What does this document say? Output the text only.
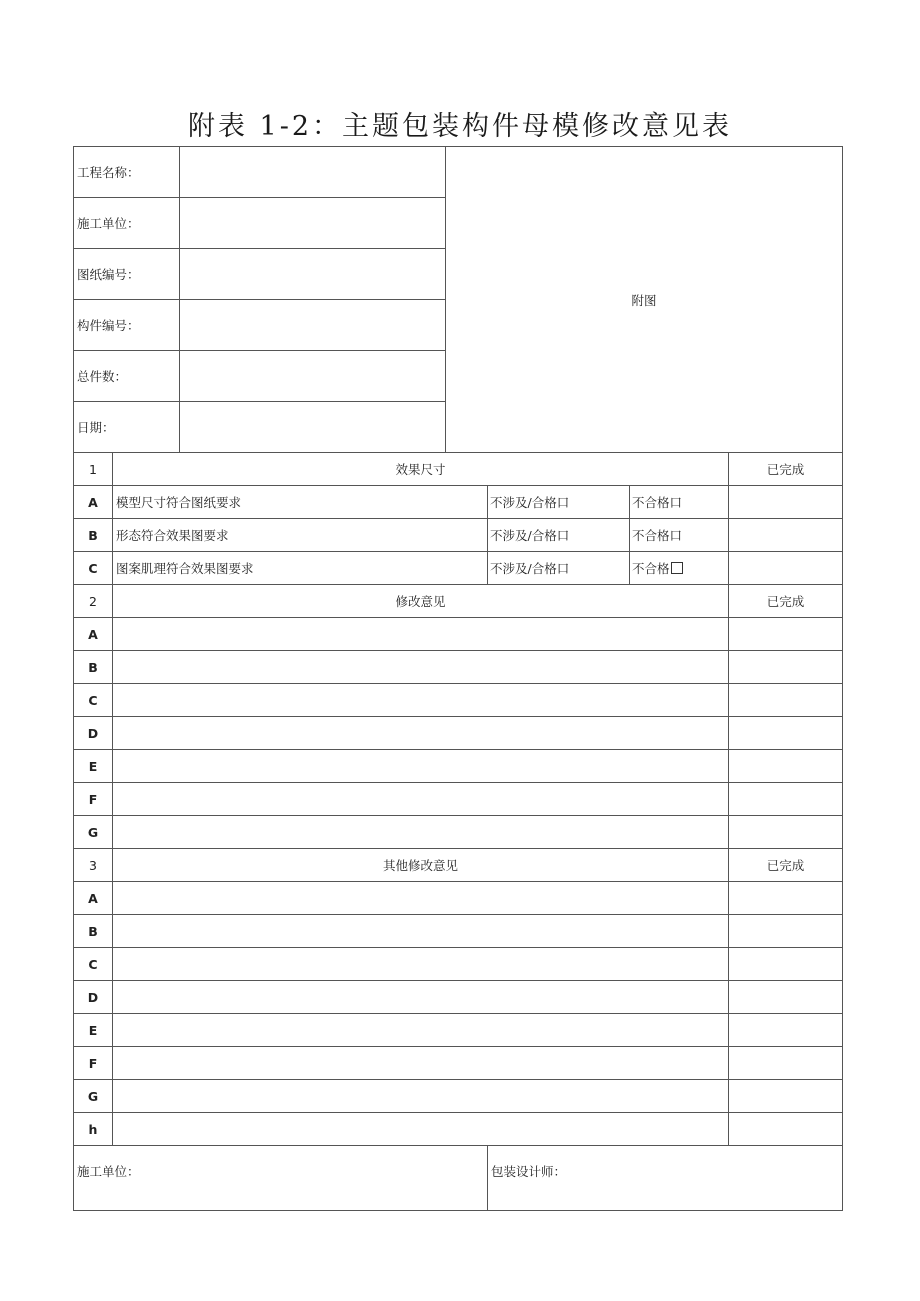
附表 1-2：主题包装构件母模修改意见表
工程名称：			附图			
施工单位：						
图纸编号：						
构件编号：						
总件数：						
日期：						
1	效果尺寸					已完成
A	模型尺寸符合图纸要求			不涉及/合格口	不合格口	
B	形态符合效果图要求			不涉及/合格口	不合格口	
C	图案肌理符合效果图要求			不涉及/合格口	不合格	
2	修改意见					已完成
A						
B						
C						
D						
E						
F						
G						
3	其他修改意见					已完成
A						
B						
C						
D						
E						
F						
G						
h						
施工单位：				包装设计师：		
